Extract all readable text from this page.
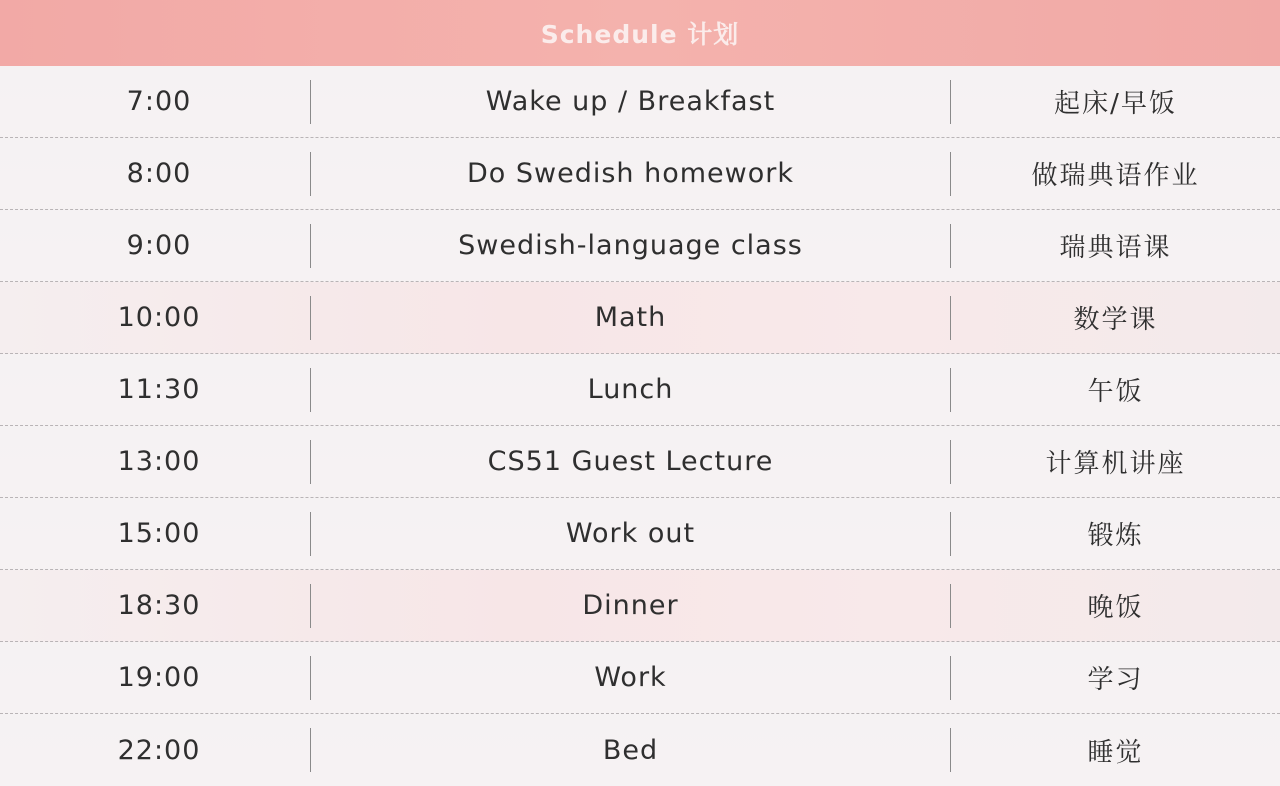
Schedule 计划
7:00	Wake up / Breakfast	起床/早饭
8:00	Do Swedish homework	做瑞典语作业
9:00	Swedish-language class	瑞典语课
10:00	Math	数学课
11:30	Lunch	午饭
13:00	CS51 Guest Lecture	计算机讲座
15:00	Work out	锻炼
18:30	Dinner	晚饭
19:00	Work	学习
22:00	Bed	睡觉
